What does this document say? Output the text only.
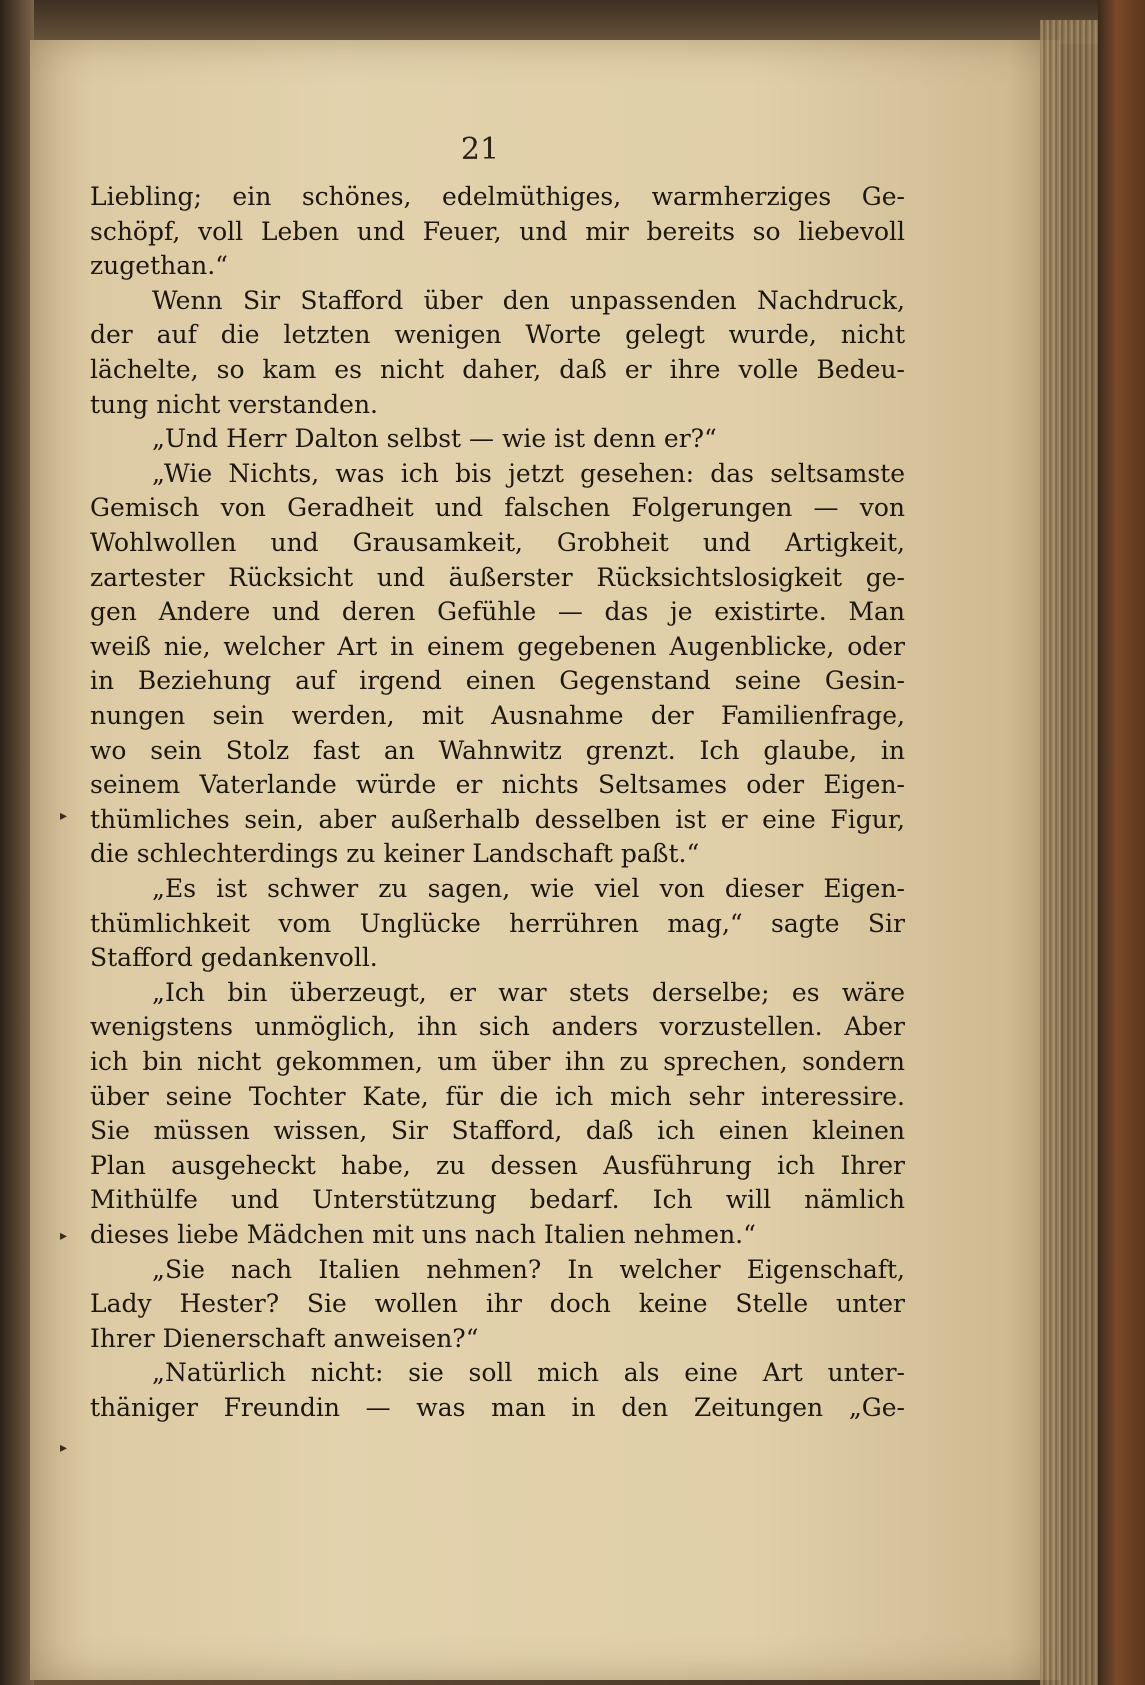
21
Liebling; ein schönes, edelmüthiges, warmherziges Ge-
schöpf, voll Leben und Feuer, und mir bereits so liebevoll
zugethan.“
Wenn Sir Stafford über den unpassenden Nachdruck,
der auf die letzten wenigen Worte gelegt wurde, nicht
lächelte, so kam es nicht daher, daß er ihre volle Bedeu-
tung nicht verstanden.
„Und Herr Dalton selbst — wie ist denn er?“
„Wie Nichts, was ich bis jetzt gesehen: das seltsamste
Gemisch von Geradheit und falschen Folgerungen — von
Wohlwollen und Grausamkeit, Grobheit und Artigkeit,
zartester Rücksicht und äußerster Rücksichtslosigkeit ge-
gen Andere und deren Gefühle — das je existirte. Man
weiß nie, welcher Art in einem gegebenen Augenblicke, oder
in Beziehung auf irgend einen Gegenstand seine Gesin-
nungen sein werden, mit Ausnahme der Familienfrage,
wo sein Stolz fast an Wahnwitz grenzt. Ich glaube, in
seinem Vaterlande würde er nichts Seltsames oder Eigen-
thümliches sein, aber außerhalb desselben ist er eine Figur,
die schlechterdings zu keiner Landschaft paßt.“
„Es ist schwer zu sagen, wie viel von dieser Eigen-
thümlichkeit vom Unglücke herrühren mag,“ sagte Sir
Stafford gedankenvoll.
„Ich bin überzeugt, er war stets derselbe; es wäre
wenigstens unmöglich, ihn sich anders vorzustellen. Aber
ich bin nicht gekommen, um über ihn zu sprechen, sondern
über seine Tochter Kate, für die ich mich sehr interessire.
Sie müssen wissen, Sir Stafford, daß ich einen kleinen
Plan ausgeheckt habe, zu dessen Ausführung ich Ihrer
Mithülfe und Unterstützung bedarf. Ich will nämlich
dieses liebe Mädchen mit uns nach Italien nehmen.“
„Sie nach Italien nehmen? In welcher Eigenschaft,
Lady Hester? Sie wollen ihr doch keine Stelle unter
Ihrer Dienerschaft anweisen?“
„Natürlich nicht: sie soll mich als eine Art unter-
thäniger Freundin — was man in den Zeitungen „Ge-
▸
▸
▸
